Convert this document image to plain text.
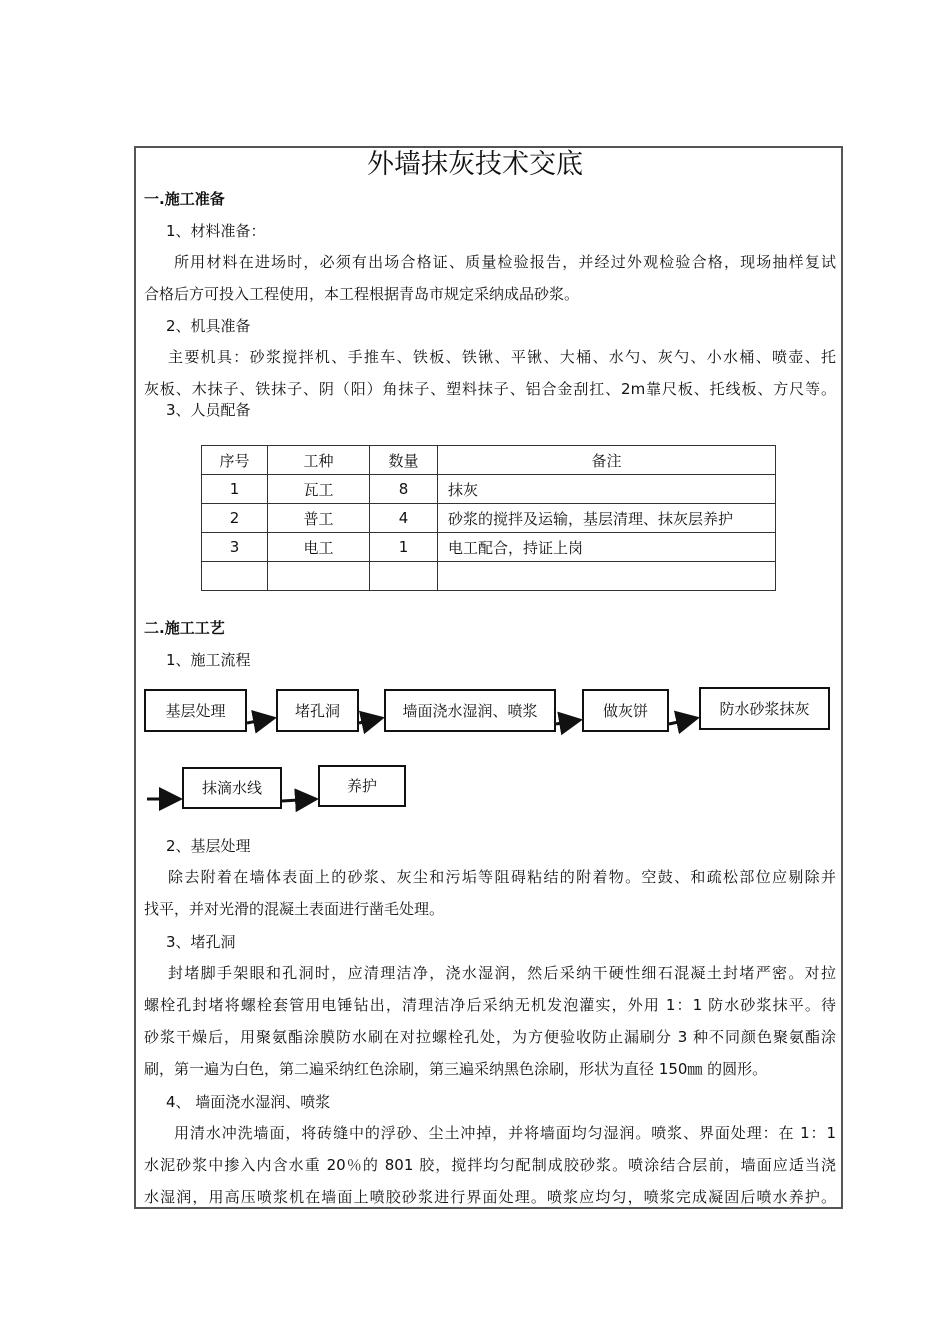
外墙抹灰技术交底
一.施工准备
1、材料准备：
所用材料在进场时，必须有出场合格证、质量检验报告，并经过外观检验合格，现场抽样复试
合格后方可投入工程使用，本工程根据青岛市规定采纳成品砂浆。
2、机具准备
主要机具：砂浆搅拌机、手推车、铁板、铁锹、平锹、大桶、水勺、灰勺、小水桶、喷壶、托
灰板、木抹子、铁抹子、阴（阳）角抹子、塑料抹子、铝合金刮扛、2m靠尺板、托线板、方尺等。
3、人员配备
序号	工种	数量	备注
1	瓦工	8	抹灰
2	普工	4	砂浆的搅拌及运输，基层清理、抹灰层养护
3	电工	1	电工配合，持证上岗

二.施工工艺
1、施工流程
基层处理	堵孔洞	墙面浇水湿润、喷浆	做灰饼	防水砂浆抹灰
抹滴水线	养护
2、基层处理
除去附着在墙体表面上的砂浆、灰尘和污垢等阻碍粘结的附着物。空鼓、和疏松部位应剔除并
找平，并对光滑的混凝土表面进行凿毛处理。
3、堵孔洞
封堵脚手架眼和孔洞时，应清理洁净，浇水湿润，然后采纳干硬性细石混凝土封堵严密。对拉
螺栓孔封堵将螺栓套管用电锤钻出，清理洁净后采纳无机发泡灌实，外用 1：1 防水砂浆抹平。待
砂浆干燥后，用聚氨酯涂膜防水刷在对拉螺栓孔处，为方便验收防止漏刷分 3 种不同颜色聚氨酯涂
刷，第一遍为白色，第二遍采纳红色涂刷，第三遍采纳黑色涂刷，形状为直径 150㎜ 的圆形。
4、 墙面浇水湿润、喷浆
用清水冲洗墙面，将砖缝中的浮砂、尘土冲掉，并将墙面均匀湿润。喷浆、界面处理：在 1：1
水泥砂浆中掺入内含水重 20％的 801 胶，搅拌均匀配制成胶砂浆。喷涂结合层前，墙面应适当浇
水湿润，用高压喷浆机在墙面上喷胶砂浆进行界面处理。喷浆应均匀，喷浆完成凝固后喷水养护。
